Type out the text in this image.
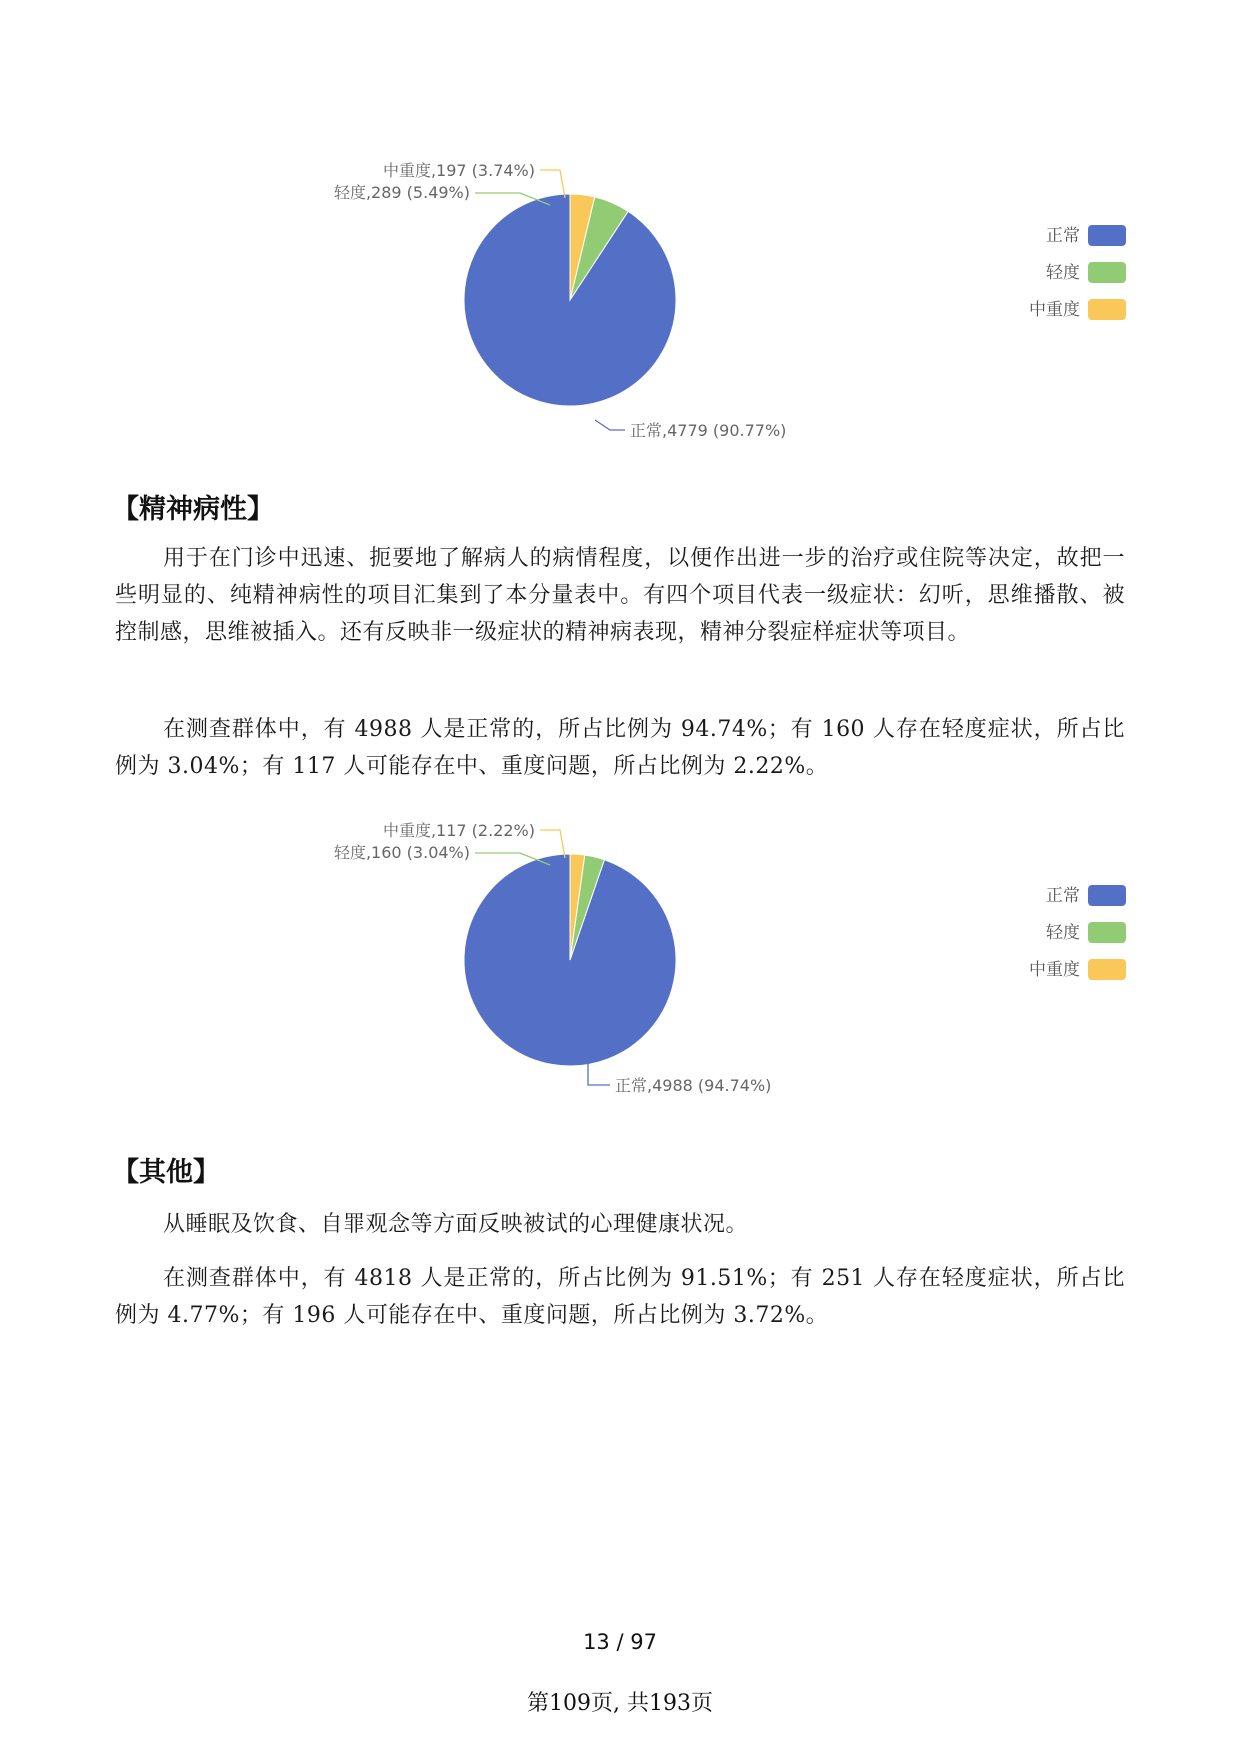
正常,4779 (90.77%)
轻度,289 (5.49%)
中重度,197 (3.74%)
正常
轻度
中重度
【精神病性】

用于在门诊中迅速、扼要地了解病人的病情程度，以便作出进一步的治疗或住院等决定，故把一些明显的、纯精神病性的项目汇集到了本分量表中。有四个项目代表一级症状：幻听，思维播散、被控制感，思维被插入。还有反映非一级症状的精神病表现，精神分裂症样症状等项目。

在测查群体中，有 4988 人是正常的，所占比例为 94.74%；有 160 人存在轻度症状，所占比例为 3.04%；有 117 人可能存在中、重度问题，所占比例为 2.22%。

正常,4988 (94.74%)
轻度,160 (3.04%)
中重度,117 (2.22%)
正常
轻度
中重度
【其他】

从睡眠及饮食、自罪观念等方面反映被试的心理健康状况。

在测查群体中，有 4818 人是正常的，所占比例为 91.51%；有 251 人存在轻度症状，所占比例为 4.77%；有 196 人可能存在中、重度问题，所占比例为 3.72%。

13 / 97
第109页, 共193页
